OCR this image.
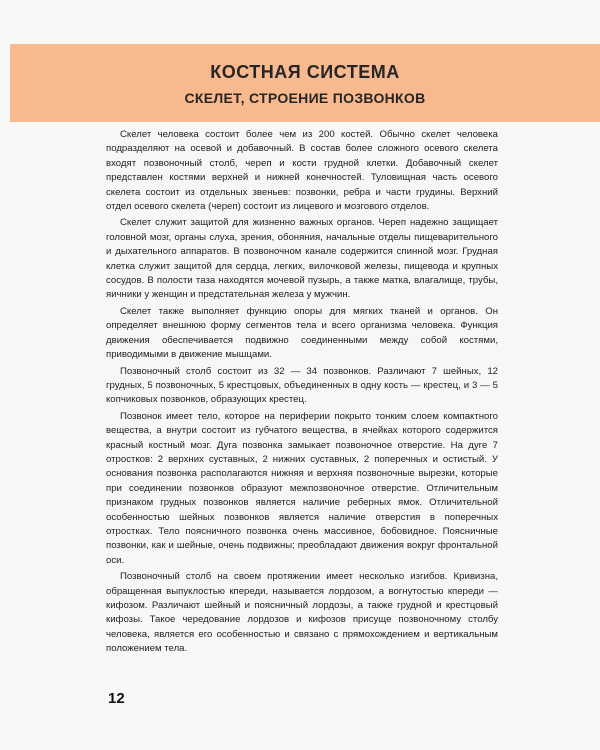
КОСТНАЯ СИСТЕМА
СКЕЛЕТ, СТРОЕНИЕ ПОЗВОНКОВ

Скелет человека состоит более чем из 200 костей. Обычно скелет человека подразделяют на осевой и добавочный. В состав более сложного осевого скелета входят позвоночный столб, череп и кости грудной клетки. Добавочный скелет представлен костями верхней и нижней конечностей. Туловищная часть осевого скелета состоит из отдельных звеньев: позвонки, ребра и части грудины. Верхний отдел осевого скелета (череп) состоит из лицевого и мозгового отделов.

Скелет служит защитой для жизненно важных органов. Череп надежно защищает головной мозг, органы слуха, зрения, обоняния, начальные отделы пищеварительного и дыхательного аппаратов. В позвоночном канале содержится спинной мозг. Грудная клетка служит защитой для сердца, легких, вилочковой железы, пищевода и крупных сосудов. В полости таза находятся мочевой пузырь, а также матка, влагалище, трубы, яичники у женщин и предстательная железа у мужчин.

Скелет также выполняет функцию опоры для мягких тканей и органов. Он определяет внешнюю форму сегментов тела и всего организма человека. Функция движения обеспечивается подвижно соединенными между собой костями, приводимыми в движение мышцами.

Позвоночный столб состоит из 32 — 34 позвонков. Различают 7 шейных, 12 грудных, 5 позвоночных, 5 крестцовых, объединенных в одну кость — крестец, и 3 — 5 копчиковых позвонков, образующих крестец.

Позвонок имеет тело, которое на периферии покрыто тонким слоем компактного вещества, а внутри состоит из губчатого вещества, в ячейках которого содержится красный костный мозг. Дуга позвонка замыкает позвоночное отверстие. На дуге 7 отростков: 2 верхних суставных, 2 нижних суставных, 2 поперечных и остистый. У основания позвонка располагаются нижняя и верхняя позвоночные вырезки, которые при соединении позвонков образуют межпозвоночное отверстие. Отличительным признаком грудных позвонков является наличие реберных ямок. Отличительной особенностью шейных позвонков является наличие отверстия в поперечных отростках. Тело поясничного позвонка очень массивное, бобовидное. Поясничные позвонки, как и шейные, очень подвижны; преобладают движения вокруг фронтальной оси.

Позвоночный столб на своем протяжении имеет несколько изгибов. Кривизна, обращенная выпуклостью кпереди, называется лордозом, а вогнутостью кпереди — кифозом. Различают шейный и поясничный лордозы, а также грудной и крестцовый кифозы. Такое чередование лордозов и кифозов присуще позвоночному столбу человека, является его особенностью и связано с прямохождением и вертикальным положением тела.

12
